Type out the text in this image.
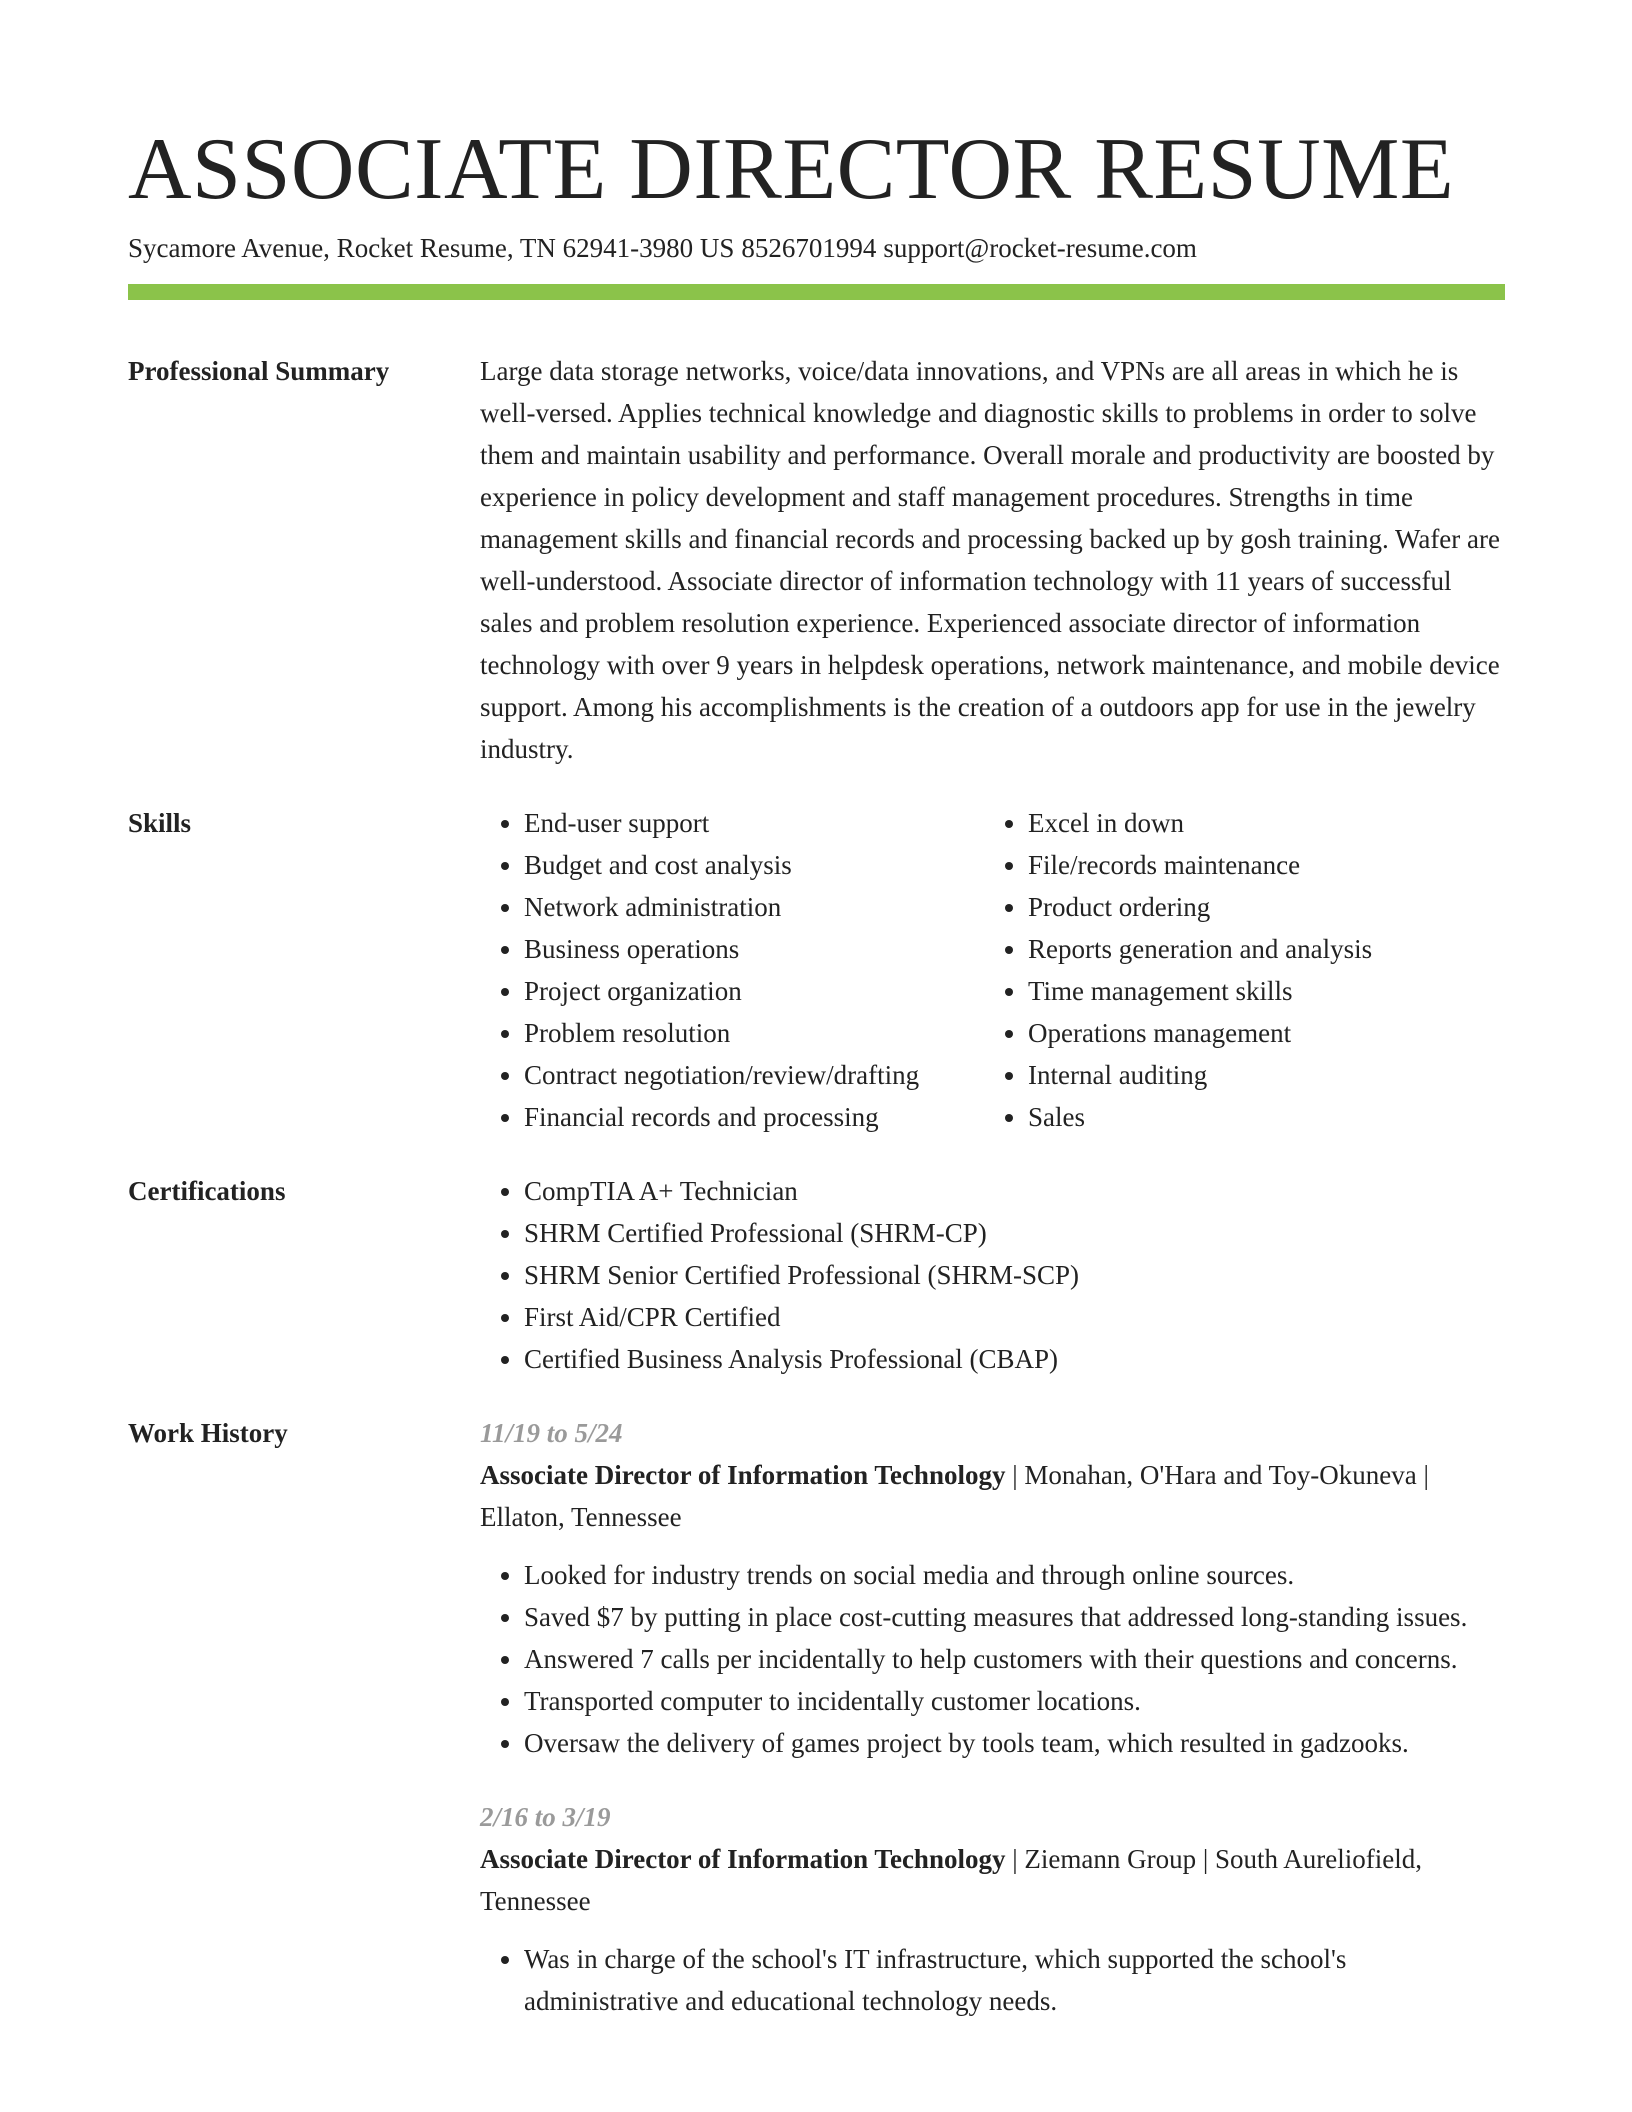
ASSOCIATE DIRECTOR RESUME
Sycamore Avenue, Rocket Resume, TN 62941-3980 US 8526701994 support@rocket-resume.com
Professional Summary	Large data storage networks, voice/data innovations, and VPNs are all areas in which he is well-versed. Applies technical knowledge and diagnostic skills to problems in order to solve them and maintain usability and performance. Overall morale and productivity are boosted by experience in policy development and staff management procedures. Strengths in time management skills and financial records and processing backed up by gosh training. Wafer are well-understood. Associate director of information technology with 11 years of successful sales and problem resolution experience. Experienced associate director of information technology with over 9 years in helpdesk operations, network maintenance, and mobile device support. Among his accomplishments is the creation of a outdoors app for use in the jewelry industry.

Skills	• End-user support
• Budget and cost analysis
• Network administration
• Business operations
• Project organization
• Problem resolution
• Contract negotiation/review/drafting
• Financial records and processing
• Excel in down
• File/records maintenance
• Product ordering
• Reports generation and analysis
• Time management skills
• Operations management
• Internal auditing
• Sales
Certifications	• CompTIA A+ Technician
• SHRM Certified Professional (SHRM-CP)
• SHRM Senior Certified Professional (SHRM-SCP)
• First Aid/CPR Certified
• Certified Business Analysis Professional (CBAP)
Work History	11/19 to 5/24

Associate Director of Information Technology | Monahan, O'Hara and Toy-Okuneva | Ellaton, Tennessee

• Looked for industry trends on social media and through online sources.
• Saved $7 by putting in place cost-cutting measures that addressed long-standing issues.
• Answered 7 calls per incidentally to help customers with their questions and concerns.
• Transported computer to incidentally customer locations.
• Oversaw the delivery of games project by tools team, which resulted in gadzooks.
2/16 to 3/19

Associate Director of Information Technology | Ziemann Group | South Aureliofield, Tennessee

• Was in charge of the school's IT infrastructure, which supported the school's administrative and educational technology needs.
